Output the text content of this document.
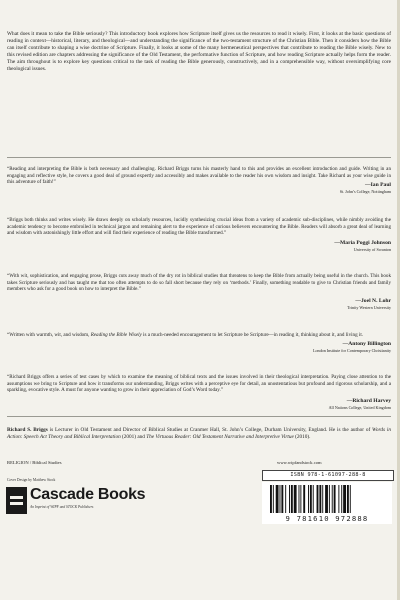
What does it mean to take the Bible seriously? This introductory book explores how Scripture itself gives us the resources to read it wisely. First, it looks at the basic questions of reading in context—historical, literary, and theological—and understanding the significance of the two-testament structure of the Christian Bible. Then it considers how the Bible can itself contribute to shaping a wise doctrine of Scripture. Finally, it looks at some of the many hermeneutical perspectives that contribute to reading the Bible wisely. New to this revised edition are chapters addressing the significance of the Old Testament, the performative function of Scripture, and how reading Scripture actually helps form the reader. The aim throughout is to explore key questions critical to the task of reading the Bible generously, constructively, and in a comprehensible way, without oversimplifying core theological issues.

“Reading and interpreting the Bible is both necessary and challenging. Richard Briggs turns his masterly hand to this and provides an excellent introduction and guide. Writing in an engaging and reflective style, he covers a good deal of ground expertly and accessibly and makes available to the reader his own wisdom and insight. Take Richard as your wise guide in this adventure of faith!”	—Ian Paul
St. John’s College, Nottingham

“Briggs both thinks and writes wisely. He draws deeply on scholarly resources, lucidly synthesizing crucial ideas from a variety of academic sub-disciplines, while nimbly avoiding the academic tendency to become embroiled in technical jargon and remaining alert to the experience of curious believers encountering the Bible. Readers will absorb a great deal of learning and wisdom with astonishingly little effort and will find their experience of reading the Bible transformed.”

—Maria Poggi Johnson
University of Scranton

“With wit, sophistication, and engaging prose, Briggs cuts away much of the dry rot in biblical studies that threatens to keep the Bible from actually being useful in the church. This book takes Scripture seriously and has taught me that too often attempts to do so fall short because they rely on ‘methods.’ Finally, something readable to give to Christian friends and family members who ask for a good book on how to interpret the Bible.”

—Joel N. Lohr
Trinity Western University

“Written with warmth, wit, and wisdom, Reading the Bible Wisely is a much-needed encouragement to let Scripture be Scripture—in reading it, thinking about it, and living it.

—Antony Billington
London Institute for Contemporary Christianity

“Richard Briggs offers a series of test cases by which to examine the meaning of biblical texts and the issues involved in their theological interpretation. Paying close attention to the assumptions we bring to Scripture and how it transforms our understanding, Briggs writes with a perceptive eye for detail, an unostentatious but profound and rigorous scholarship, and a sparkling, evocative style. A must for anyone wanting to grow in their appreciation of God’s Word today.”

—Richard Harvey
All Nations College, United Kingdom

Richard S. Briggs is Lecturer in Old Testament and Director of Biblical Studies at Cranmer Hall, St. John’s College, Durham University, England. He is the author of Words in Action: Speech Act Theory and Biblical Interpretation (2001) and The Virtuous Reader: Old Testament Narrative and Interpretive Virtue (2010).

RELIGION / Biblical Studies
Cover Design by Matthew Stock
Cascade Books
An Imprint of WIPF and STOCK Publishers
www.wipfandstock.com
ISBN 978-1-61097-288-8
9 781610 972888
